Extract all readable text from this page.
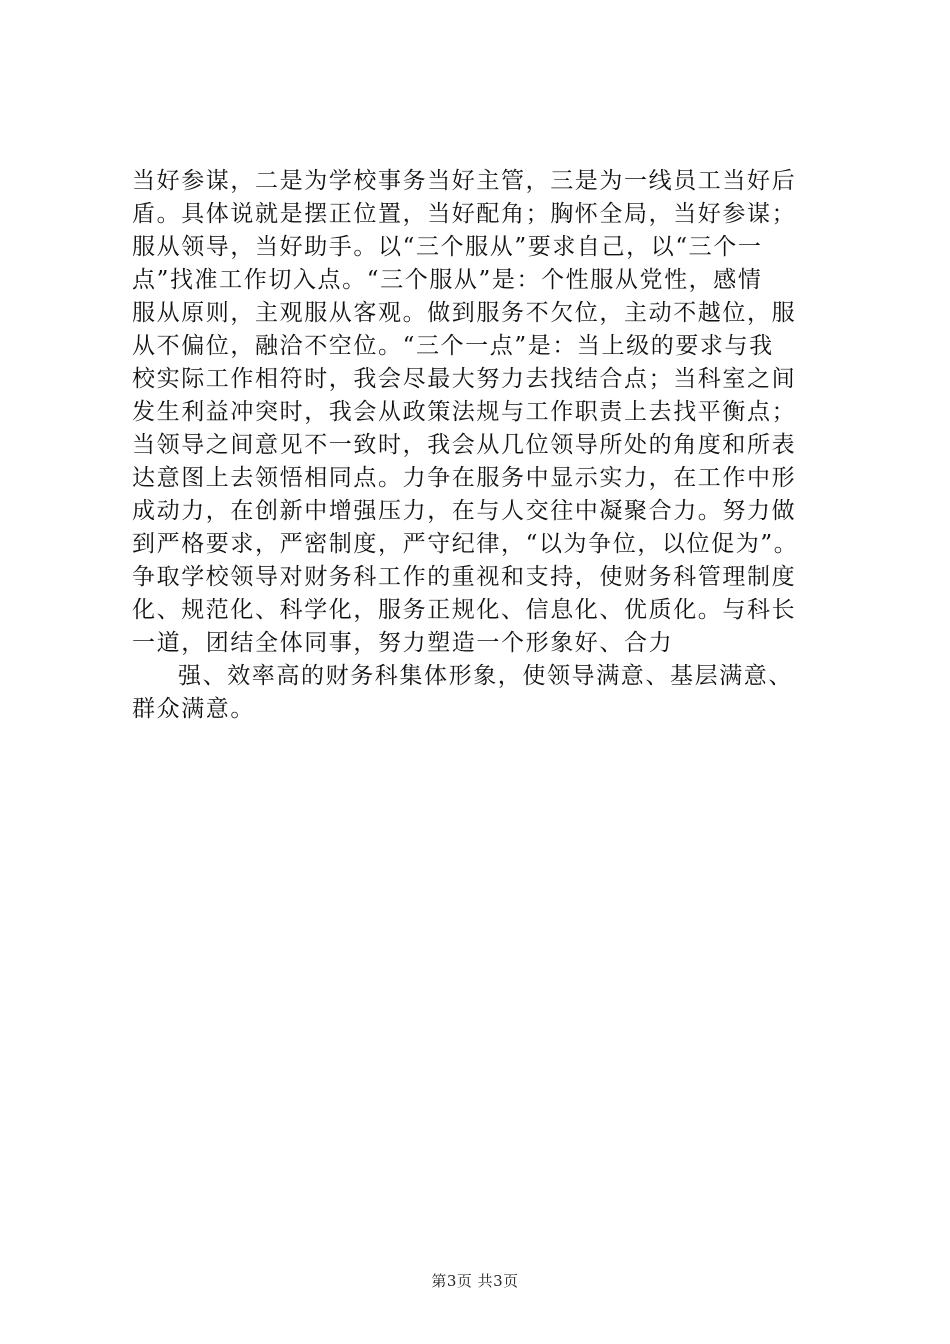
当好参谋，二是为学校事务当好主管，三是为一线员工当好后
盾。具体说就是摆正位置，当好配角；胸怀全局，当好参谋；
服从领导，当好助手。以“三个服从”要求自己，以“三个一
点”找准工作切入点。“三个服从”是：个性服从党性，感情
服从原则，主观服从客观。做到服务不欠位，主动不越位，服
从不偏位，融洽不空位。“三个一点”是：当上级的要求与我
校实际工作相符时，我会尽最大努力去找结合点；当科室之间
发生利益冲突时，我会从政策法规与工作职责上去找平衡点；
当领导之间意见不一致时，我会从几位领导所处的角度和所表
达意图上去领悟相同点。力争在服务中显示实力，在工作中形
成动力，在创新中增强压力，在与人交往中凝聚合力。努力做
到严格要求，严密制度，严守纪律，“以为争位，以位促为”。
争取学校领导对财务科工作的重视和支持，使财务科管理制度
化、规范化、科学化，服务正规化、信息化、优质化。与科长
一道，团结全体同事，努力塑造一个形象好、合力
强、效率高的财务科集体形象，使领导满意、基层满意、
群众满意。
第3页 共3页
